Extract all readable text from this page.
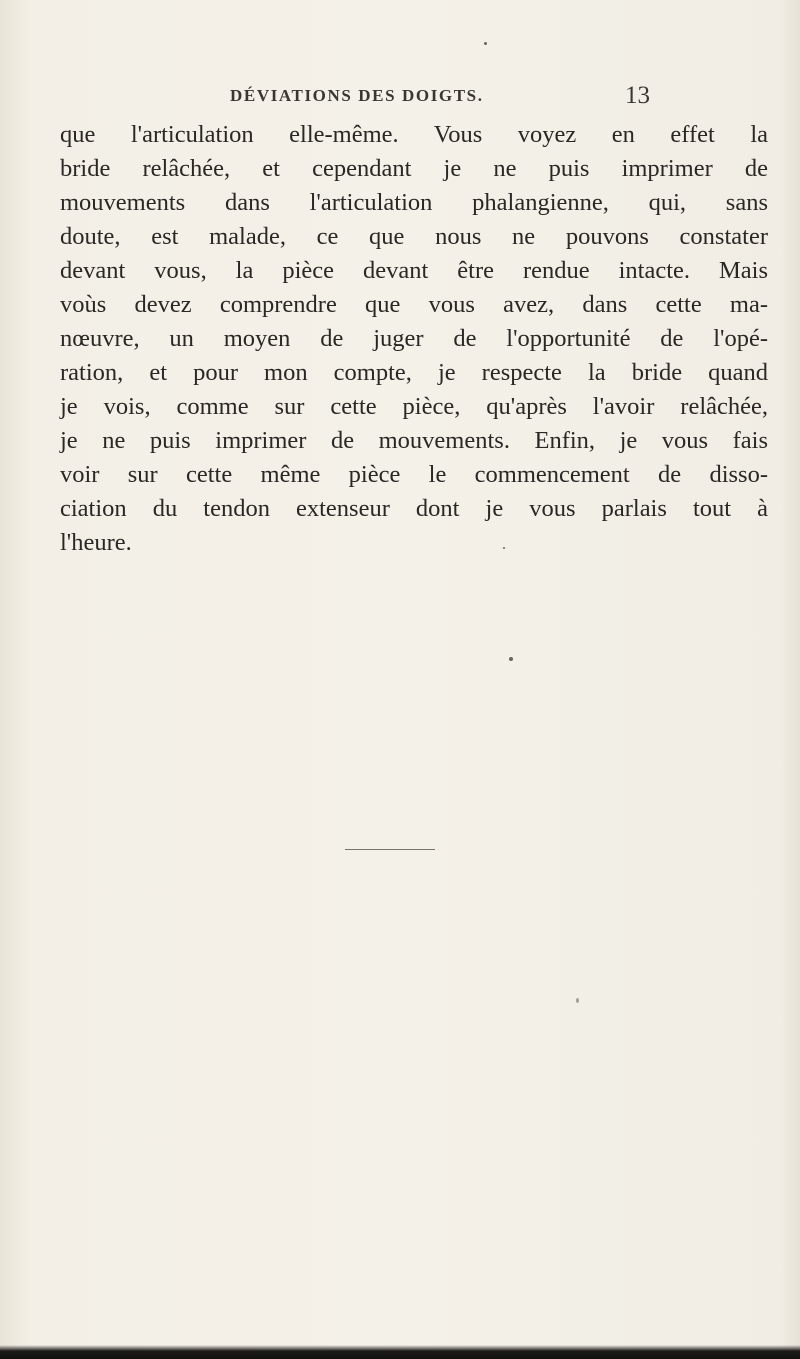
DÉVIATIONS DES DOIGTS.	13
que l'articulation elle-même. Vous voyez en effet la
bride relâchée, et cependant je ne puis imprimer de
mouvements dans l'articulation phalangienne, qui, sans
doute, est malade, ce que nous ne pouvons constater
devant vous, la pièce devant être rendue intacte. Mais
voùs devez comprendre que vous avez, dans cette ma-
nœuvre, un moyen de juger de l'opportunité de l'opé-
ration, et pour mon compte, je respecte la bride quand
je vois, comme sur cette pièce, qu'après l'avoir relâchée,
je ne puis imprimer de mouvements. Enfin, je vous fais
voir sur cette même pièce le commencement de disso-
ciation du tendon extenseur dont je vous parlais tout à
l'heure.
